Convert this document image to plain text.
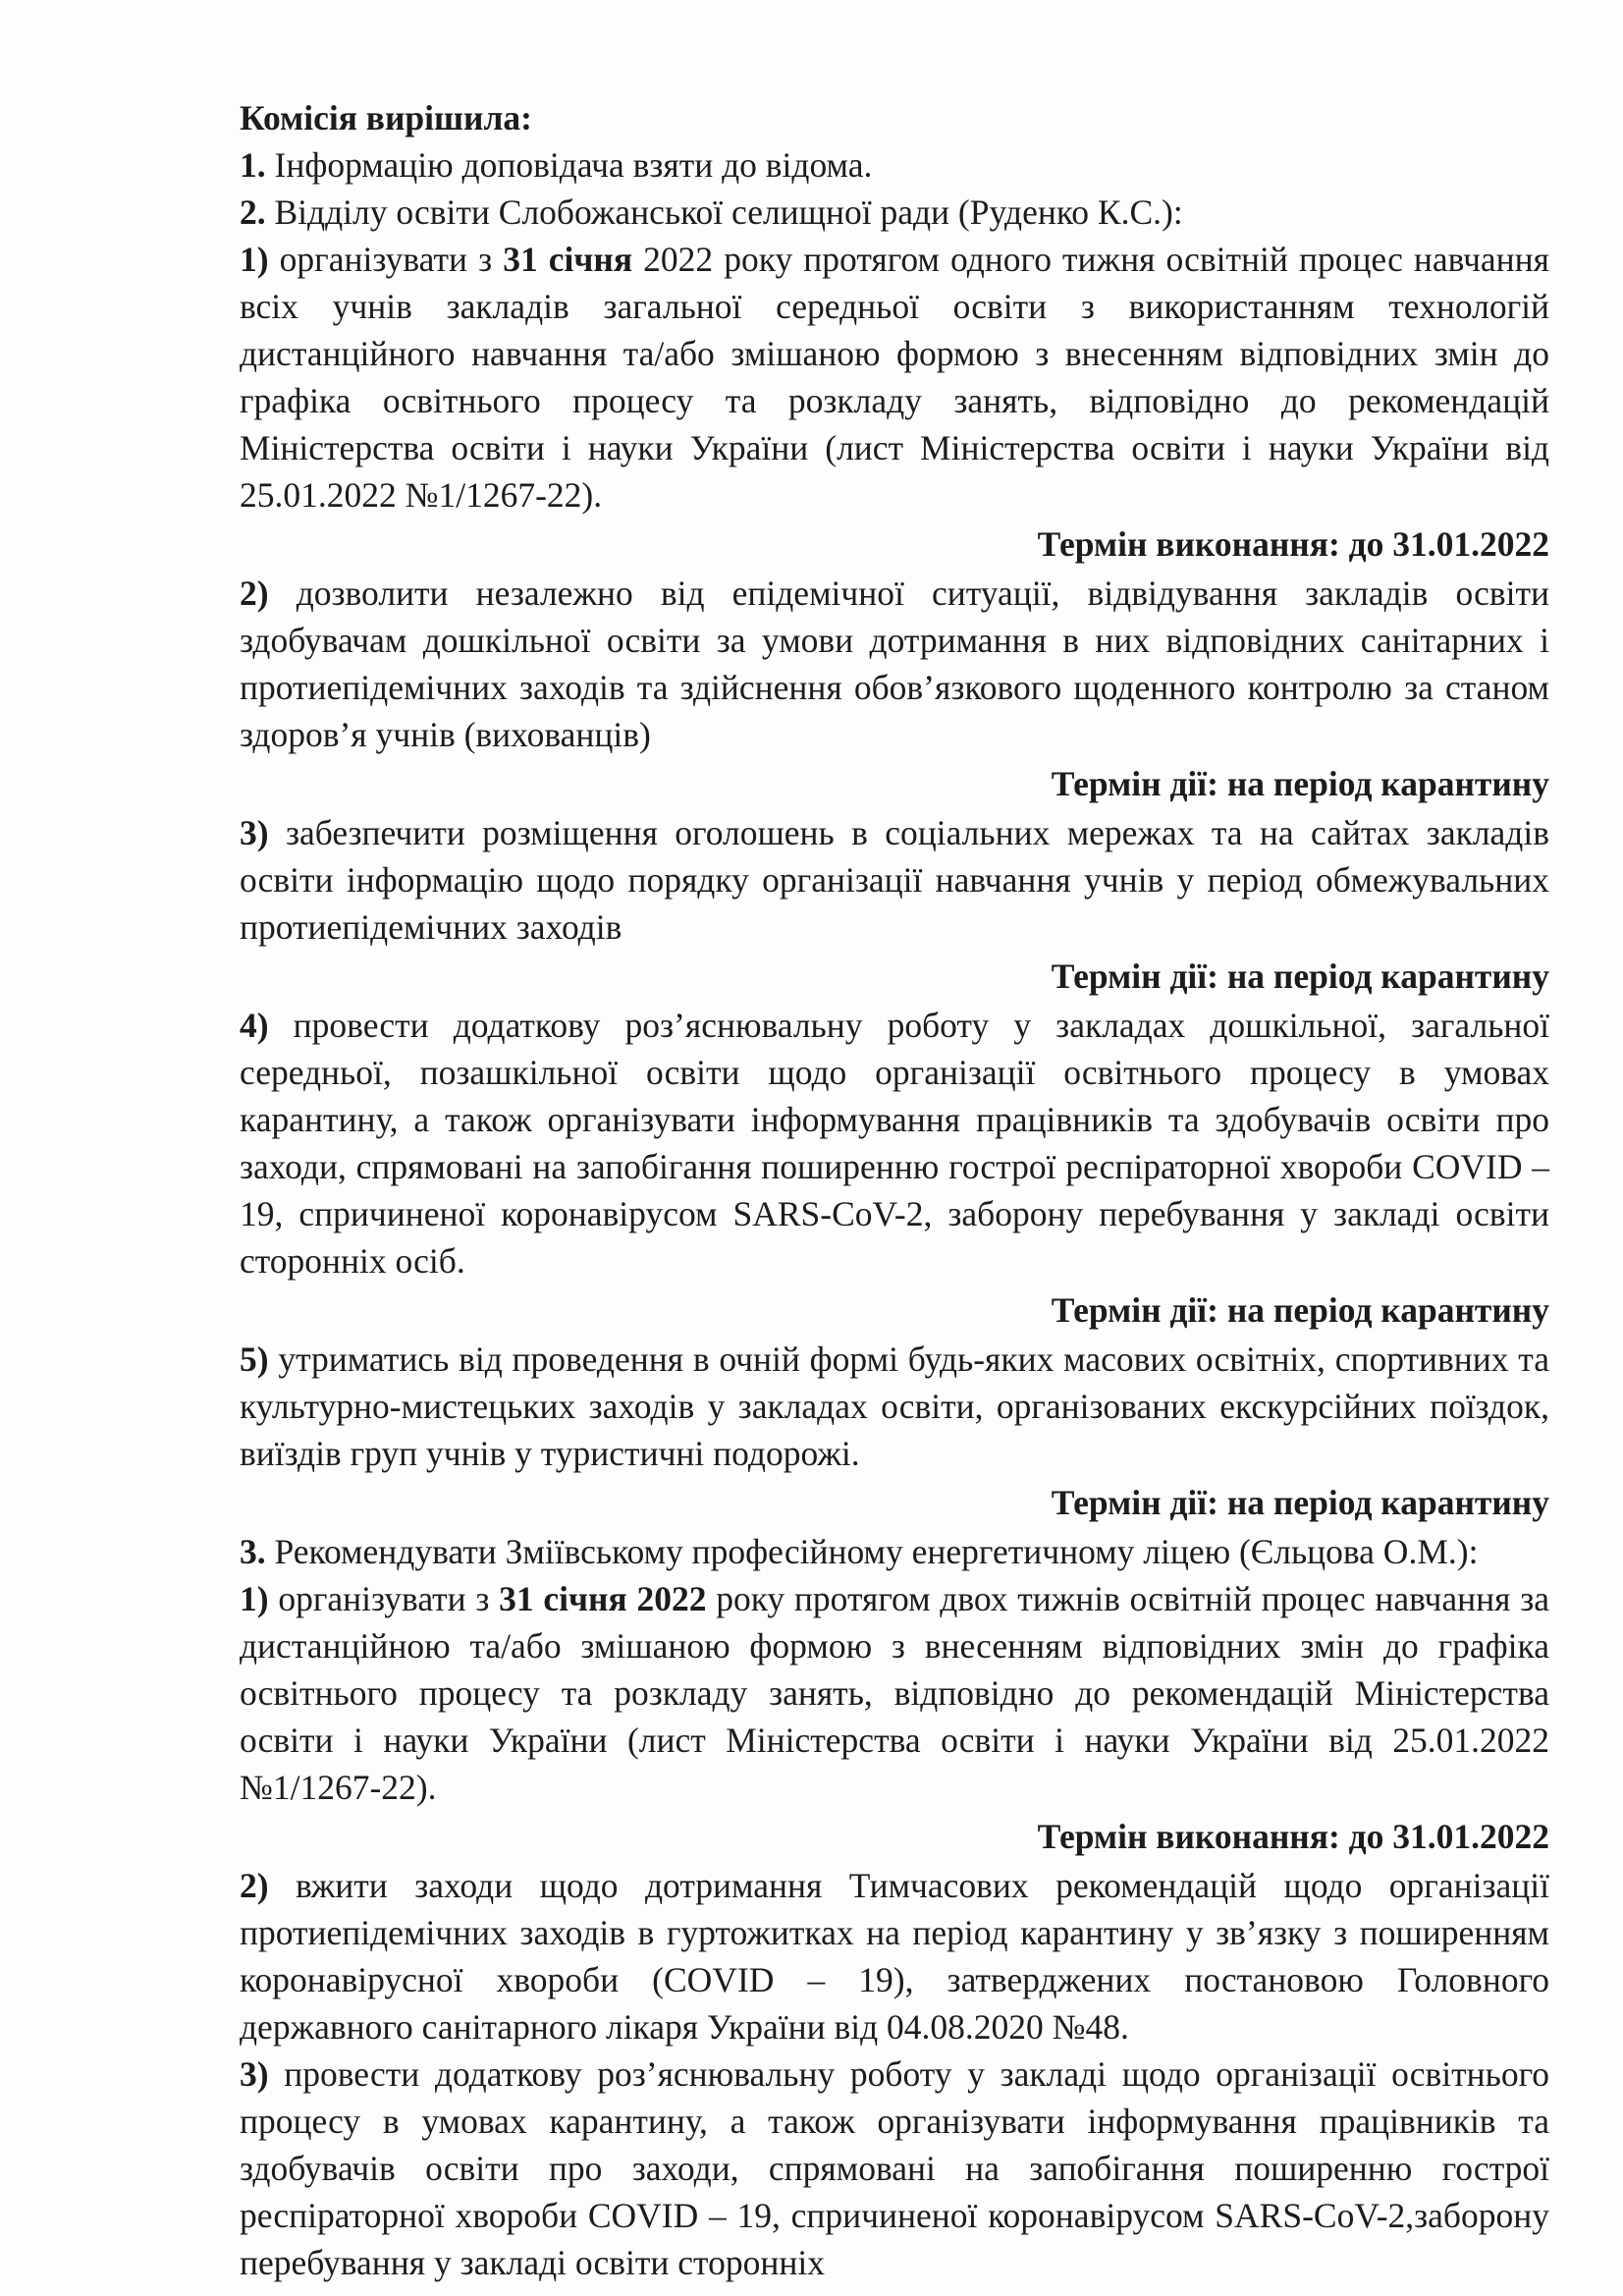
Комісія вирішила:

1. Інформацію доповідача взяти до відома.

2. Відділу освіти Слобожанської селищної ради (Руденко К.С.):

1) організувати з 31 січня 2022 року протягом одного тижня освітній процес навчання всіх учнів закладів загальної середньої освіти з використанням технологій дистанційного навчання та/або змішаною формою з внесенням відповідних змін до графіка освітнього процесу та розкладу занять, відповідно до рекомендацій Міністерства освіти і науки України (лист Міністерства освіти і науки України від 25.01.2022 №1/1267-22).

Термін виконання: до 31.01.2022

2) дозволити незалежно від епідемічної ситуації, відвідування закладів освіти здобувачам дошкільної освіти за умови дотримання в них відповідних санітарних і протиепідемічних заходів та здійснення обов’язкового щоденного контролю за станом здоров’я учнів (вихованців)

Термін дії: на період карантину

3) забезпечити розміщення оголошень в соціальних мережах та на сайтах закладів освіти інформацію щодо порядку організації навчання учнів у період обмежувальних протиепідемічних заходів

Термін дії: на період карантину

4) провести додаткову роз’яснювальну роботу у закладах дошкільної, загальної середньої, позашкільної освіти щодо організації освітнього процесу в умовах карантину, а також організувати інформування працівників та здобувачів освіти про заходи, спрямовані на запобігання поширенню гострої респіраторної хвороби COVID – 19, спричиненої коронавірусом SARS-CoV-2, заборону перебування у закладі освіти сторонніх осіб.

Термін дії: на період карантину

5) утриматись від проведення в очній формі будь-яких масових освітніх, спортивних та культурно-мистецьких заходів у закладах освіти, організованих екскурсійних поїздок, виїздів груп учнів у туристичні подорожі.

Термін дії: на період карантину

3. Рекомендувати Зміївському професійному енергетичному ліцею (Єльцова О.М.):

1) організувати з 31 січня 2022 року протягом двох тижнів освітній процес навчання за дистанційною та/або змішаною формою з внесенням відповідних змін до графіка освітнього процесу та розкладу занять, відповідно до рекомендацій Міністерства освіти і науки України (лист Міністерства освіти і науки України від 25.01.2022 №1/1267-22).

Термін виконання: до 31.01.2022

2) вжити заходи щодо дотримання Тимчасових рекомендацій щодо організації протиепідемічних заходів в гуртожитках на період карантину у зв’язку з поширенням коронавірусної хвороби (COVID – 19), затверджених постановою Головного державного санітарного лікаря України від 04.08.2020 №48.

3) провести додаткову роз’яснювальну роботу у закладі щодо організації освітнього процесу в умовах карантину, а також організувати інформування працівників та здобувачів освіти про заходи, спрямовані на запобігання поширенню гострої респіраторної хвороби COVID – 19, спричиненої коронавірусом SARS-CoV-2,заборону перебування у закладі освіти сторонніх
